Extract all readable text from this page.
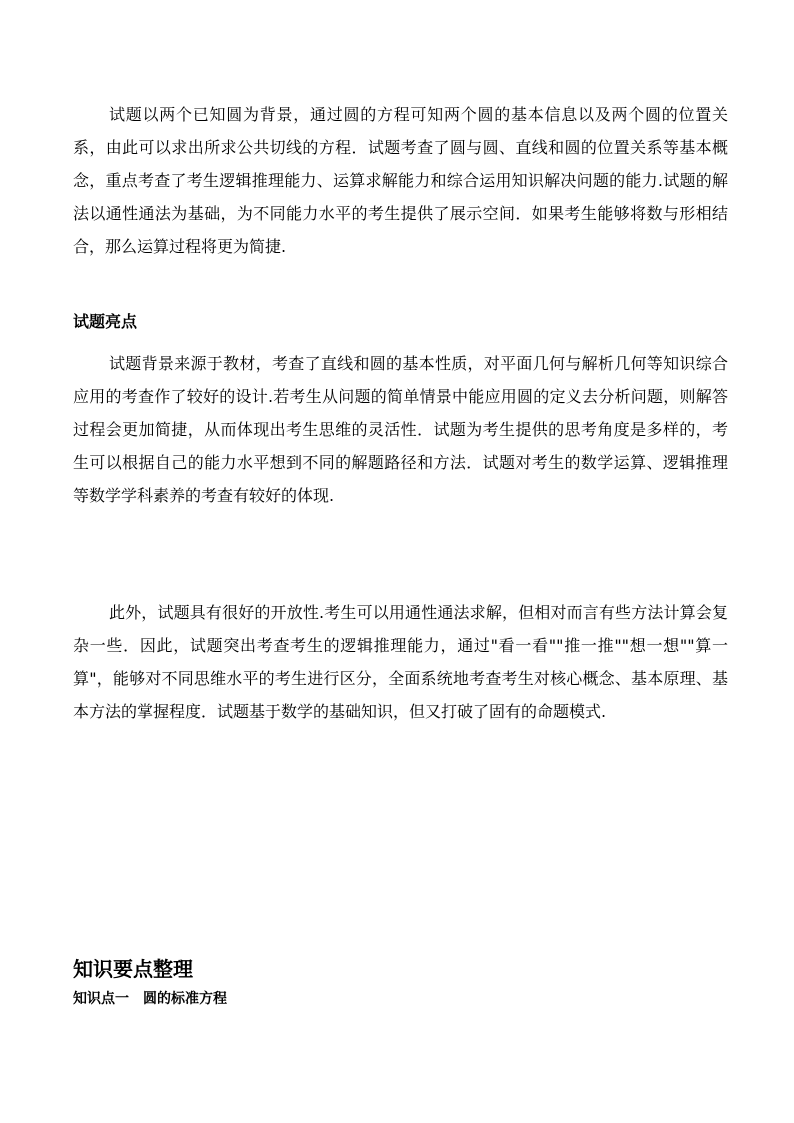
试题以两个已知圆为背景，通过圆的方程可知两个圆的基本信息以及两个圆的位置关系，由此可以求出所求公共切线的方程．试题考查了圆与圆、直线和圆的位置关系等基本概念，重点考查了考生逻辑推理能力、运算求解能力和综合运用知识解决问题的能力.试题的解法以通性通法为基础，为不同能力水平的考生提供了展示空间．如果考生能够将数与形相结合，那么运算过程将更为简捷.

试题亮点

试题背景来源于教材，考查了直线和圆的基本性质，对平面几何与解析几何等知识综合应用的考查作了较好的设计.若考生从问题的简单情景中能应用圆的定义去分析问题，则解答过程会更加简捷，从而体现出考生思维的灵活性．试题为考生提供的思考角度是多样的，考生可以根据自己的能力水平想到不同的解题路径和方法．试题对考生的数学运算、逻辑推理等数学学科素养的考查有较好的体现.

此外，试题具有很好的开放性.考生可以用通性通法求解，但相对而言有些方法计算会复杂一些．因此，试题突出考查考生的逻辑推理能力，通过"看一看""推一推""想一想""算一算"，能够对不同思维水平的考生进行区分，全面系统地考查考生对核心概念、基本原理、基本方法的掌握程度．试题基于数学的基础知识，但又打破了固有的命题模式.

知识要点整理
知识点一　圆的标准方程
